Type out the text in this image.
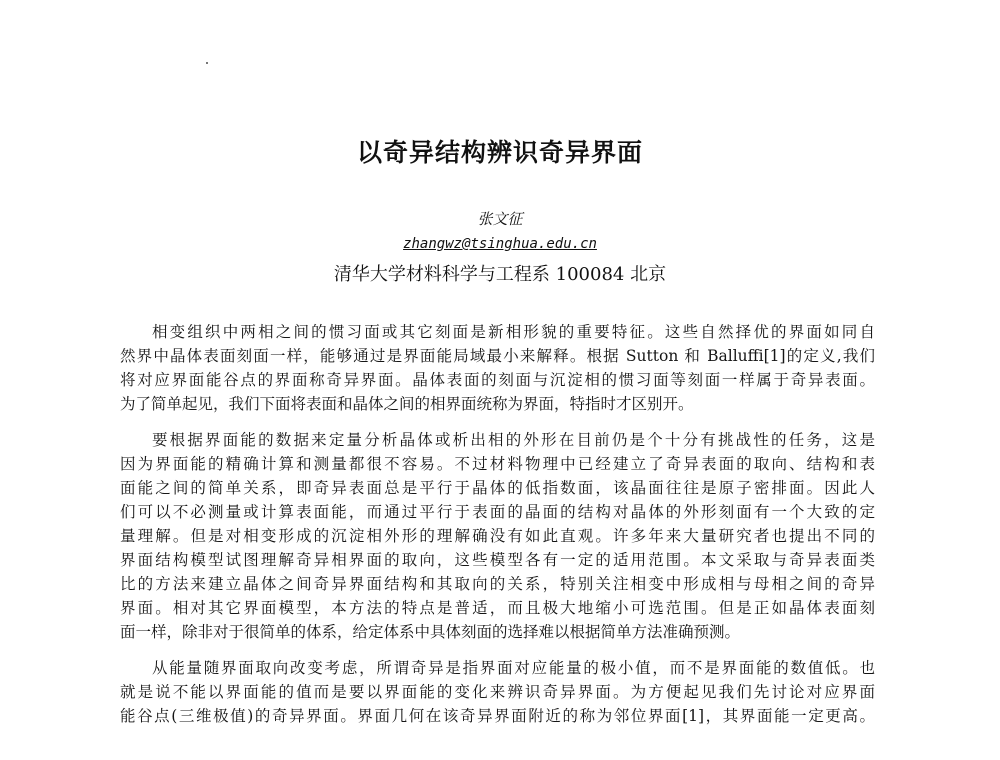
以奇异结构辨识奇异界面
张文征
zhangwz@tsinghua.edu.cn
清华大学材料科学与工程系 100084 北京
相变组织中两相之间的惯习面或其它刻面是新相形貌的重要特征。这些自然择优的界面如同自
然界中晶体表面刻面一样，能够通过是界面能局域最小来解释。根据 Sutton 和 Balluffi[1]的定义,我们
将对应界面能谷点的界面称奇异界面。晶体表面的刻面与沉淀相的惯习面等刻面一样属于奇异表面。
为了简单起见，我们下面将表面和晶体之间的相界面统称为界面，特指时才区别开。
要根据界面能的数据来定量分析晶体或析出相的外形在目前仍是个十分有挑战性的任务，这是
因为界面能的精确计算和测量都很不容易。不过材料物理中已经建立了奇异表面的取向、结构和表
面能之间的简单关系，即奇异表面总是平行于晶体的低指数面，该晶面往往是原子密排面。因此人
们可以不必测量或计算表面能，而通过平行于表面的晶面的结构对晶体的外形刻面有一个大致的定
量理解。但是对相变形成的沉淀相外形的理解确没有如此直观。许多年来大量研究者也提出不同的
界面结构模型试图理解奇异相界面的取向，这些模型各有一定的适用范围。本文采取与奇异表面类
比的方法来建立晶体之间奇异界面结构和其取向的关系，特别关注相变中形成相与母相之间的奇异
界面。相对其它界面模型，本方法的特点是普适，而且极大地缩小可选范围。但是正如晶体表面刻
面一样，除非对于很简单的体系，给定体系中具体刻面的选择难以根据简单方法准确预测。
从能量随界面取向改变考虑，所谓奇异是指界面对应能量的极小值，而不是界面能的数值低。也
就是说不能以界面能的值而是要以界面能的变化来辨识奇异界面。为方便起见我们先讨论对应界面
能谷点(三维极值)的奇异界面。界面几何在该奇异界面附近的称为邻位界面[1]，其界面能一定更高。
